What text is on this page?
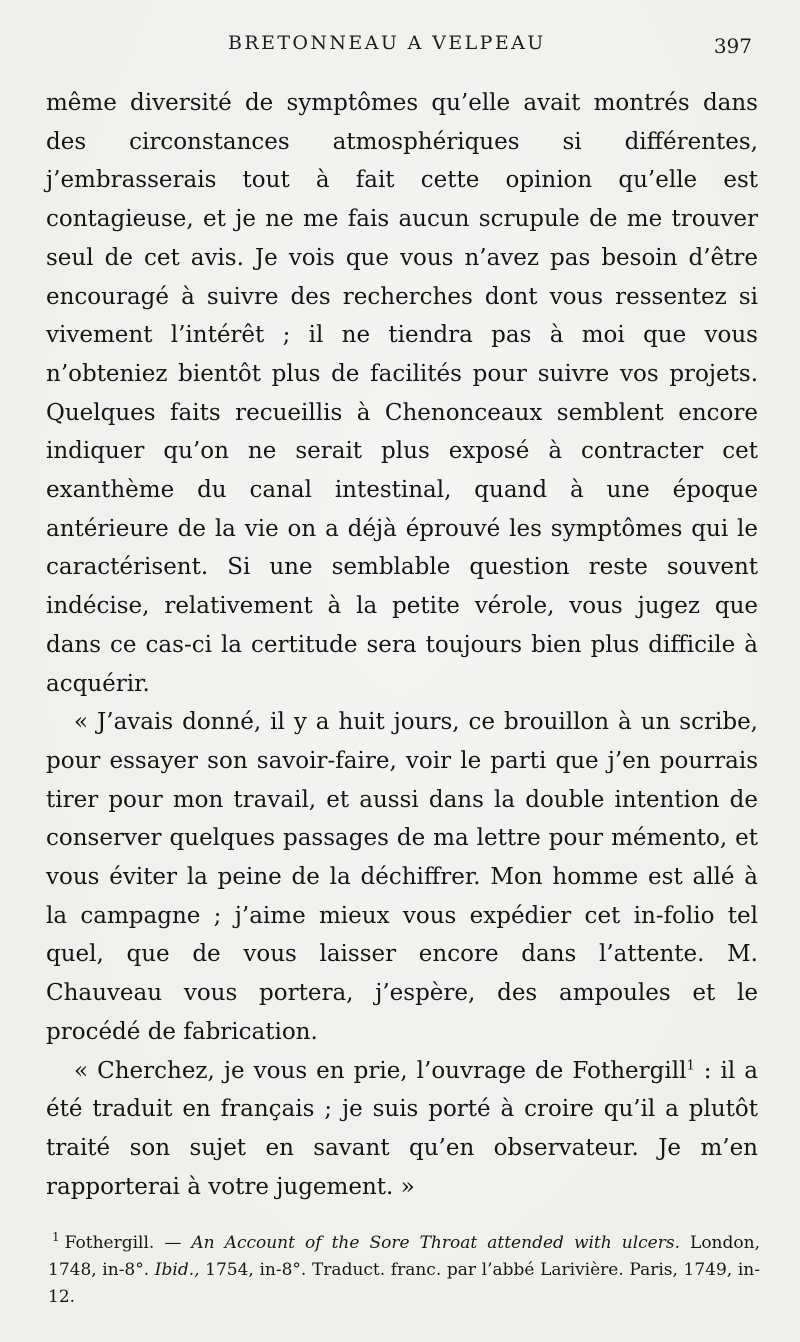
BRETONNEAU A VELPEAU	397

même diversité de symptômes qu’elle avait montrés dans des circonstances atmosphériques si différentes, j’embrasserais tout à fait cette opinion qu’elle est contagieuse, et je ne me fais aucun scrupule de me trouver seul de cet avis. Je vois que vous n’avez pas besoin d’être encouragé à suivre des recherches dont vous ressentez si vivement l’intérêt ; il ne tiendra pas à moi que vous n’obteniez bientôt plus de facilités pour suivre vos projets. Quelques faits recueillis à Chenonceaux semblent encore indiquer qu’on ne serait plus exposé à contracter cet exanthème du canal intestinal, quand à une époque antérieure de la vie on a déjà éprouvé les symptômes qui le caractérisent. Si une semblable question reste souvent indécise, relativement à la petite vérole, vous jugez que dans ce cas-ci la certitude sera toujours bien plus difficile à acquérir.

« J’avais donné, il y a huit jours, ce brouillon à un scribe, pour essayer son savoir-faire, voir le parti que j’en pourrais tirer pour mon travail, et aussi dans la double intention de conserver quelques passages de ma lettre pour mémento, et vous éviter la peine de la déchiffrer. Mon homme est allé à la campagne ; j’aime mieux vous expédier cet in-folio tel quel, que de vous laisser encore dans l’attente. M. Chauveau vous portera, j’espère, des ampoules et le procédé de fabrication.

« Cherchez, je vous en prie, l’ouvrage de Fothergill$^1$ : il a été traduit en français ; je suis porté à croire qu’il a plutôt traité son sujet en savant qu’en observateur. Je m’en rapporterai à votre jugement. »

$^1$ Fothergill. — An Account of the Sore Throat attended with ulcers. London, 1748, in-8°. Ibid., 1754, in-8°. Traduct. franc. par l’abbé Larivière. Paris, 1749, in-12.
